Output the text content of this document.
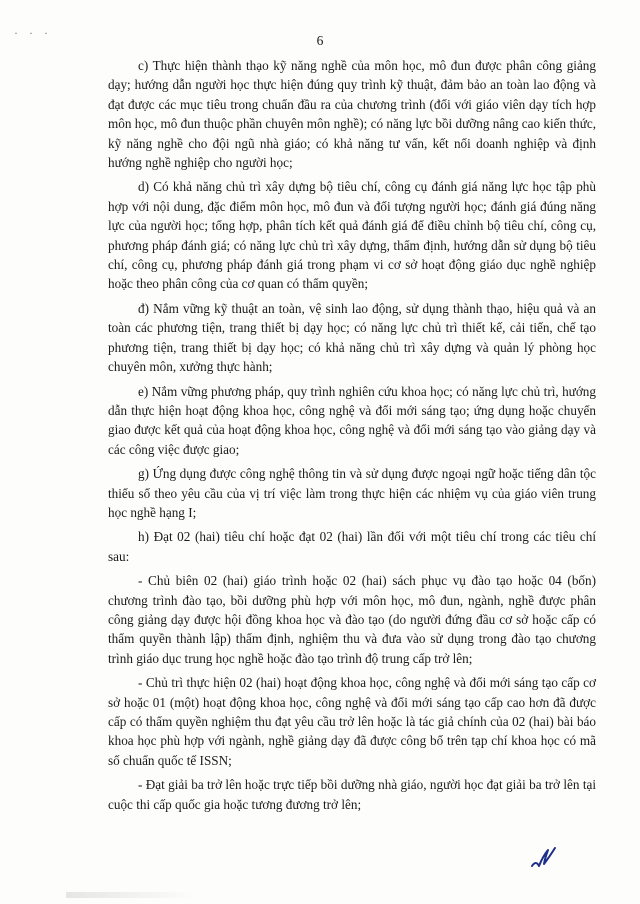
· · ·	6

c) Thực hiện thành thạo kỹ năng nghề của môn học, mô đun được phân công giảng dạy; hướng dẫn người học thực hiện đúng quy trình kỹ thuật, đảm bảo an toàn lao động và đạt được các mục tiêu trong chuẩn đầu ra của chương trình (đối với giáo viên dạy tích hợp môn học, mô đun thuộc phần chuyên môn nghề); có năng lực bồi dưỡng nâng cao kiến thức, kỹ năng nghề cho đội ngũ nhà giáo; có khả năng tư vấn, kết nối doanh nghiệp và định hướng nghề nghiệp cho người học;

d) Có khả năng chủ trì xây dựng bộ tiêu chí, công cụ đánh giá năng lực học tập phù hợp với nội dung, đặc điểm môn học, mô đun và đối tượng người học; đánh giá đúng năng lực của người học; tổng hợp, phân tích kết quả đánh giá để điều chỉnh bộ tiêu chí, công cụ, phương pháp đánh giá; có năng lực chủ trì xây dựng, thẩm định, hướng dẫn sử dụng bộ tiêu chí, công cụ, phương pháp đánh giá trong phạm vi cơ sở hoạt động giáo dục nghề nghiệp hoặc theo phân công của cơ quan có thẩm quyền;

đ) Nắm vững kỹ thuật an toàn, vệ sinh lao động, sử dụng thành thạo, hiệu quả và an toàn các phương tiện, trang thiết bị dạy học; có năng lực chủ trì thiết kế, cải tiến, chế tạo phương tiện, trang thiết bị dạy học; có khả năng chủ trì xây dựng và quản lý phòng học chuyên môn, xưởng thực hành;

e) Nắm vững phương pháp, quy trình nghiên cứu khoa học; có năng lực chủ trì, hướng dẫn thực hiện hoạt động khoa học, công nghệ và đổi mới sáng tạo; ứng dụng hoặc chuyển giao được kết quả của hoạt động khoa học, công nghệ và đổi mới sáng tạo vào giảng dạy và các công việc được giao;

g) Ứng dụng được công nghệ thông tin và sử dụng được ngoại ngữ hoặc tiếng dân tộc thiểu số theo yêu cầu của vị trí việc làm trong thực hiện các nhiệm vụ của giáo viên trung học nghề hạng I;

h) Đạt 02 (hai) tiêu chí hoặc đạt 02 (hai) lần đối với một tiêu chí trong các tiêu chí sau:

- Chủ biên 02 (hai) giáo trình hoặc 02 (hai) sách phục vụ đào tạo hoặc 04 (bốn) chương trình đào tạo, bồi dưỡng phù hợp với môn học, mô đun, ngành, nghề được phân công giảng dạy được hội đồng khoa học và đào tạo (do người đứng đầu cơ sở hoặc cấp có thẩm quyền thành lập) thẩm định, nghiệm thu và đưa vào sử dụng trong đào tạo chương trình giáo dục trung học nghề hoặc đào tạo trình độ trung cấp trở lên;

- Chủ trì thực hiện 02 (hai) hoạt động khoa học, công nghệ và đổi mới sáng tạo cấp cơ sở hoặc 01 (một) hoạt động khoa học, công nghệ và đổi mới sáng tạo cấp cao hơn đã được cấp có thẩm quyền nghiệm thu đạt yêu cầu trở lên hoặc là tác giả chính của 02 (hai) bài báo khoa học phù hợp với ngành, nghề giảng dạy đã được công bố trên tạp chí khoa học có mã số chuẩn quốc tế ISSN;

- Đạt giải ba trở lên hoặc trực tiếp bồi dưỡng nhà giáo, người học đạt giải ba trở lên tại cuộc thi cấp quốc gia hoặc tương đương trở lên;
